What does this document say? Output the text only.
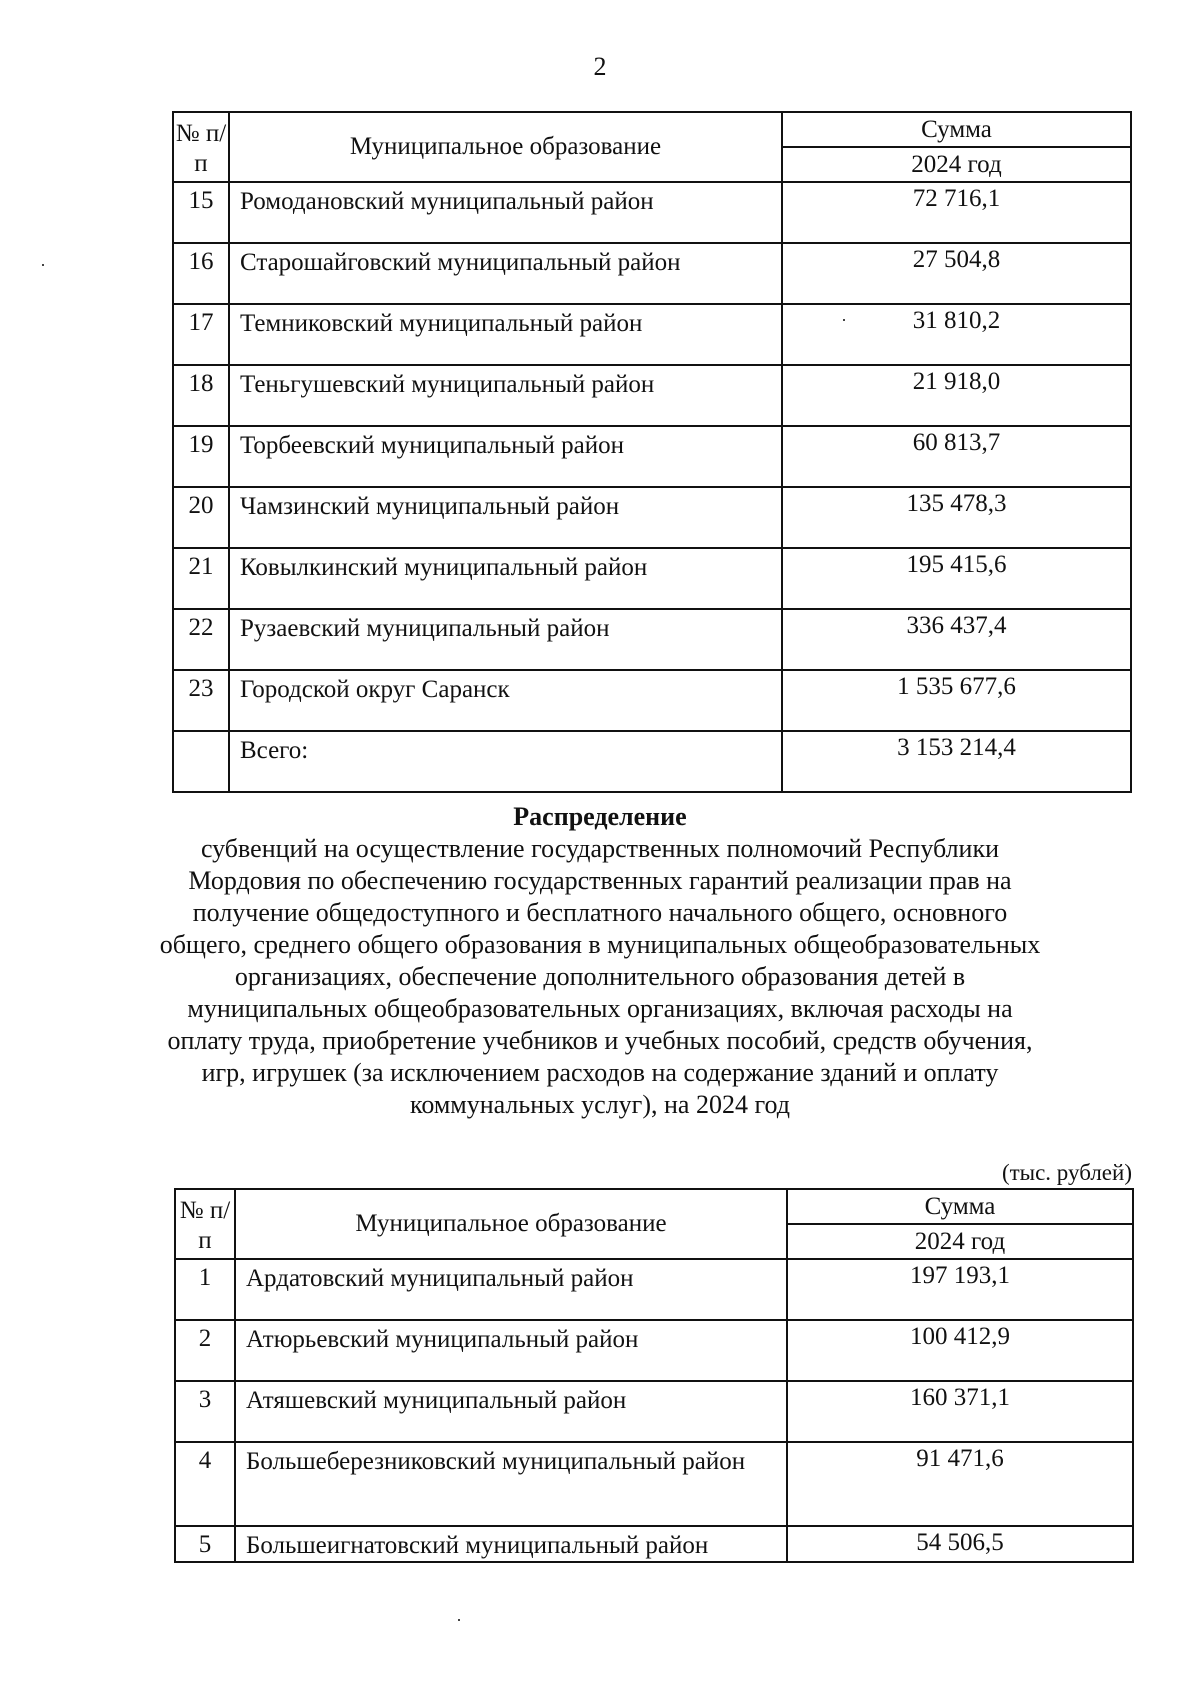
2
№ п/п	Муниципальное образование	Сумма
		2024 год
15	Ромодановский муниципальный район	72 716,1
16	Старошайговский муниципальный район	27 504,8
17	Темниковский муниципальный район	31 810,2
18	Теньгушевский муниципальный район	21 918,0
19	Торбеевский муниципальный район	60 813,7
20	Чамзинский муниципальный район	135 478,3
21	Ковылкинский муниципальный район	195 415,6
22	Рузаевский муниципальный район	336 437,4
23	Городской округ Саранск	1 535 677,6
	Всего:	3 153 214,4
Распределение
субвенций на осуществление государственных полномочий Республики Мордовия по обеспечению государственных гарантий реализации прав на получение общедоступного и бесплатного начального общего, основного общего, среднего общего образования в муниципальных общеобразовательных организациях, обеспечение дополнительного образования детей в муниципальных общеобразовательных организациях, включая расходы на оплату труда, приобретение учебников и учебных пособий, средств обучения, игр, игрушек (за исключением расходов на содержание зданий и оплату коммунальных услуг), на 2024 год
(тыс. рублей)
№ п/п	Муниципальное образование	Сумма
		2024 год
1	Ардатовский муниципальный район	197 193,1
2	Атюрьевский муниципальный район	100 412,9
3	Атяшевский муниципальный район	160 371,1
4	Большеберезниковский муниципальный район	91 471,6
5	Большеигнатовский муниципальный район	54 506,5
